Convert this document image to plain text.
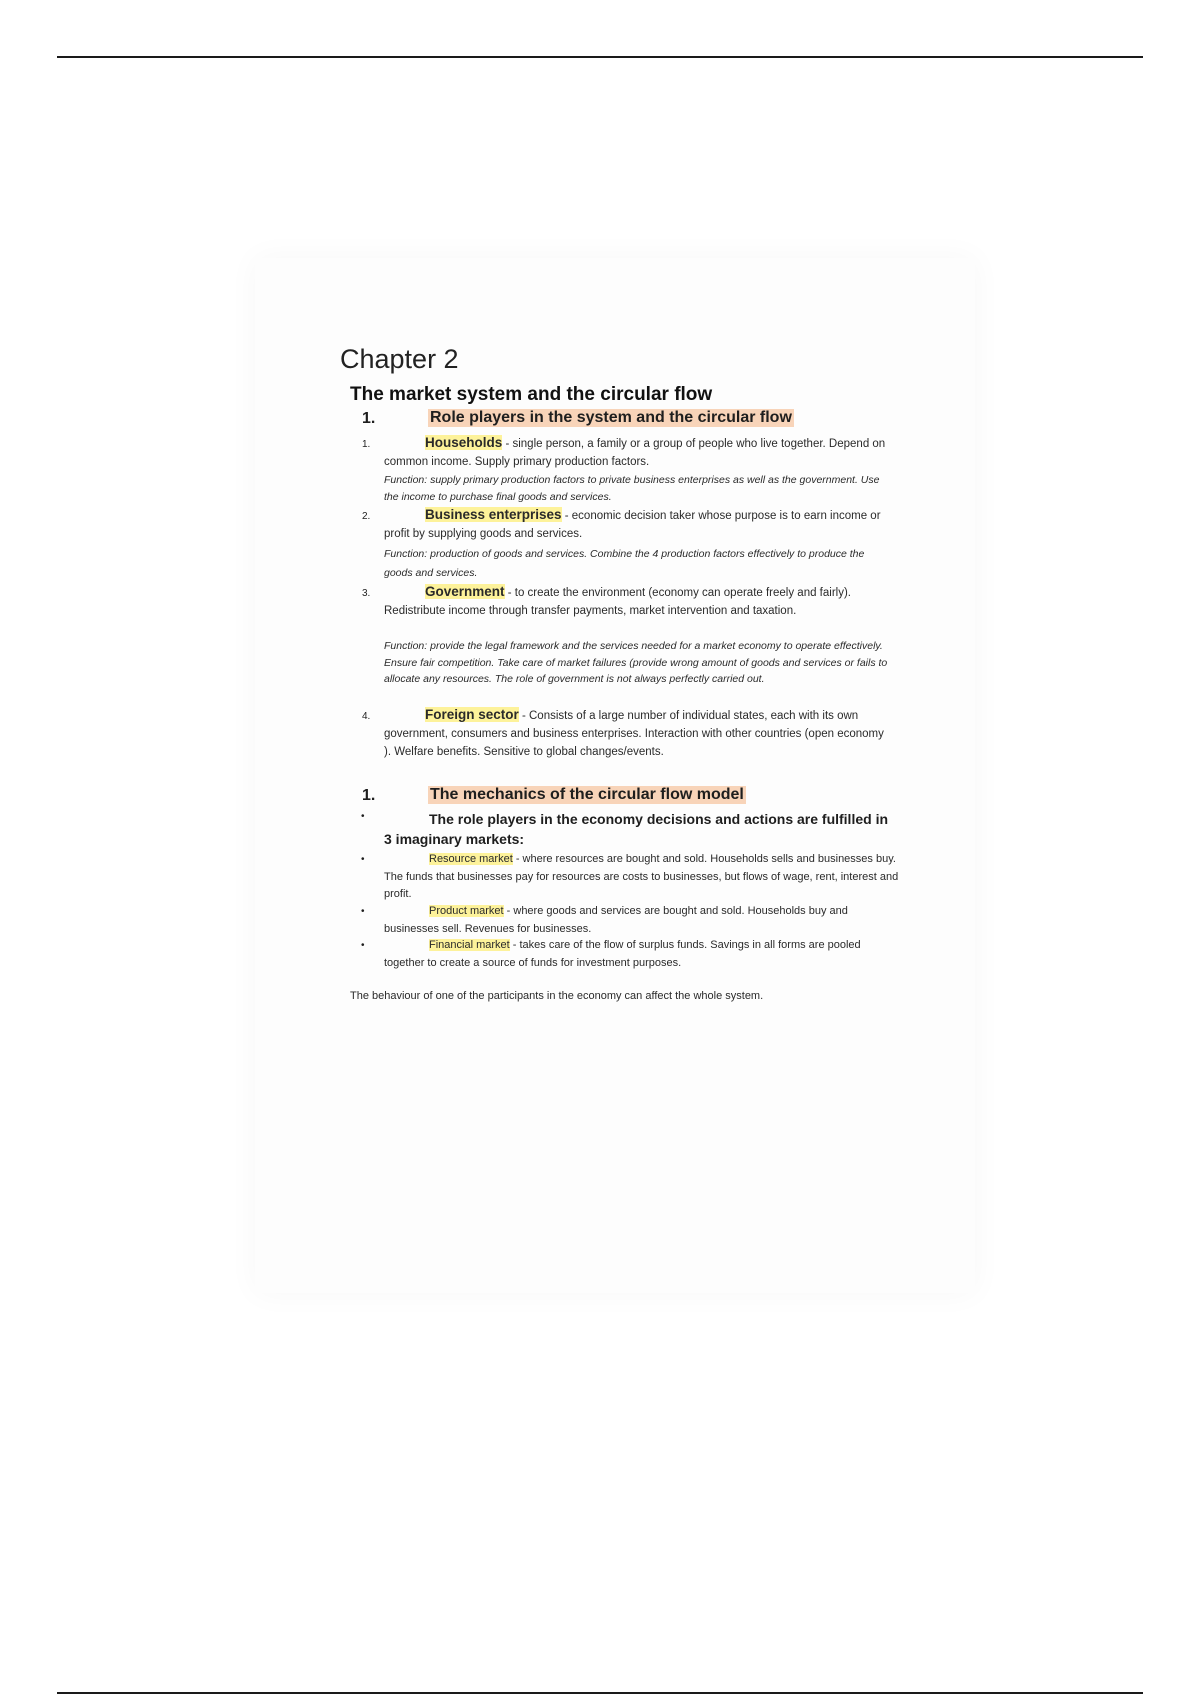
Chapter 2
The market system and the circular flow
1.	Role players in the system and the circular flow
1.	Households - single person, a family or a group of people who live together. Depend on common income. Supply primary production factors.
Function: supply primary production factors to private business enterprises as well as the government. Use the income to purchase final goods and services.
2.	Business enterprises - economic decision taker whose purpose is to earn income or profit by supplying goods and services.
Function: production of goods and services. Combine the 4 production factors effectively to produce the goods and services.
3.	Government - to create the environment (economy can operate freely and fairly). Redistribute income through transfer payments, market intervention and taxation.
Function: provide the legal framework and the services needed for a market economy to operate effectively. Ensure fair competition. Take care of market failures (provide wrong amount of goods and services or fails to allocate any resources. The role of government is not always perfectly carried out.
4.	Foreign sector - Consists of a large number of individual states, each with its own government, consumers and business enterprises. Interaction with other countries (open economy ). Welfare benefits. Sensitive to global changes/events.
1.	The mechanics of the circular flow model
•	The role players in the economy decisions and actions are fulfilled in 3 imaginary markets:
•	Resource market - where resources are bought and sold. Households sells and businesses buy. The funds that businesses pay for resources are costs to businesses, but flows of wage, rent, interest and profit.
•	Product market - where goods and services are bought and sold. Households buy and businesses sell. Revenues for businesses.
•	Financial market - takes care of the flow of surplus funds. Savings in all forms are pooled together to create a source of funds for investment purposes.
The behaviour of one of the participants in the economy can affect the whole system.
